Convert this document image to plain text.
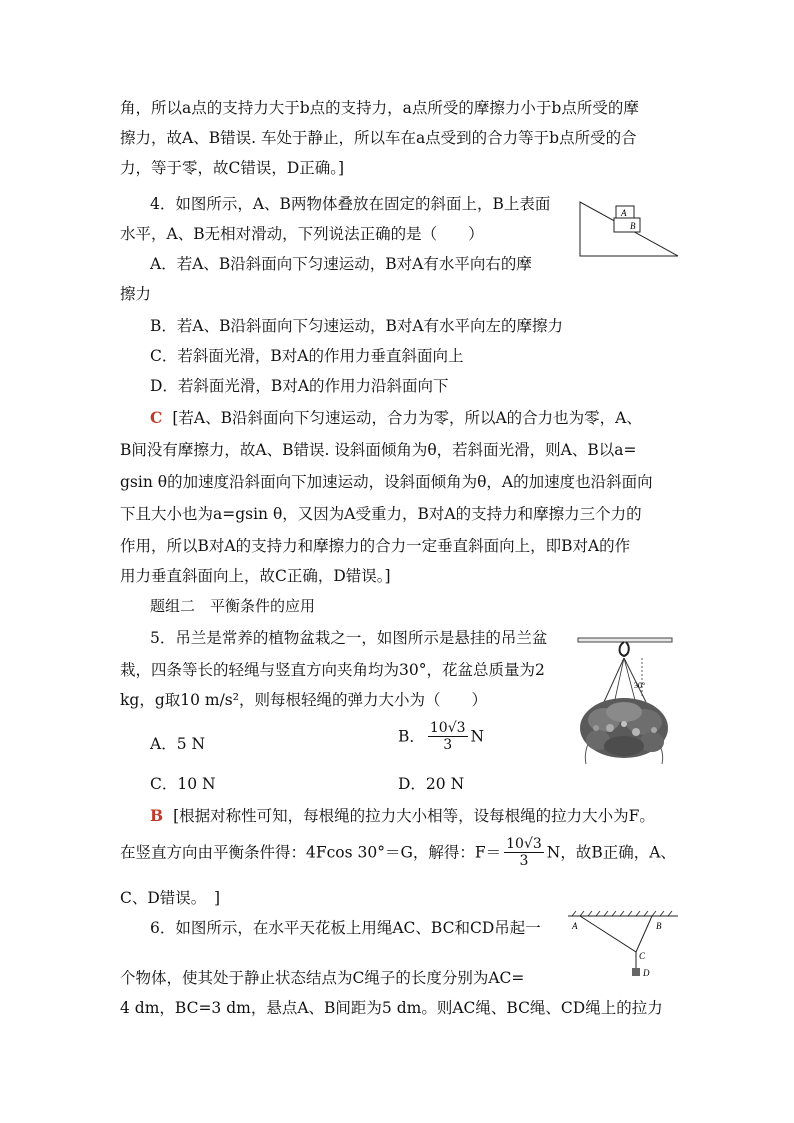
角，所以a点的支持力大于b点的支持力，a点所受的摩擦力小于b点所受的摩
擦力，故A、B错误. 车处于静止，所以车在a点受到的合力等于b点所受的合
力，等于零，故C错误，D正确。]
4．如图所示，A、B两物体叠放在固定的斜面上，B上表面
水平，A、B无相对滑动，下列说法正确的是（　　）
A．若A、B沿斜面向下匀速运动，B对A有水平向右的摩
擦力
B．若A、B沿斜面向下匀速运动，B对A有水平向左的摩擦力
C．若斜面光滑，B对A的作用力垂直斜面向上
D．若斜面光滑，B对A的作用力沿斜面向下
C [若A、B沿斜面向下匀速运动，合力为零，所以A的合力也为零，A、
B间没有摩擦力，故A、B错误. 设斜面倾角为θ，若斜面光滑，则A、B以a=
gsin θ的加速度沿斜面向下加速运动，设斜面倾角为θ，A的加速度也沿斜面向
下且大小也为a=gsin θ，又因为A受重力，B对A的支持力和摩擦力三个力的
作用，所以B对A的支持力和摩擦力的合力一定垂直斜面向上，即B对A的作
用力垂直斜面向上，故C正确，D错误。]
题组二　平衡条件的应用
5．吊兰是常养的植物盆栽之一，如图所示是悬挂的吊兰盆
栽，四条等长的轻绳与竖直方向夹角均为30°，花盆总质量为2
kg，g取10 m/s²，则每根轻绳的弹力大小为（　　）
A．5 N	B． $\frac{10√3}{3}$ N
C．10 N	D．20 N
B [根据对称性可知，每根绳的拉力大小相等，设每根绳的拉力大小为F。
在竖直方向由平衡条件得：4Fcos 30°＝G，解得：$F= \frac{10√3}{3}$ N，故B正确，A、
C、D错误。　]
6．如图所示，在水平天花板上用绳AC、BC和CD吊起一
个物体，使其处于静止状态结点为C绳子的长度分别为AC=
4 dm，BC=3 dm，悬点A、B间距为5 dm。则AC绳、BC绳、CD绳上的拉力
A
B
30°
A	B
C
D
